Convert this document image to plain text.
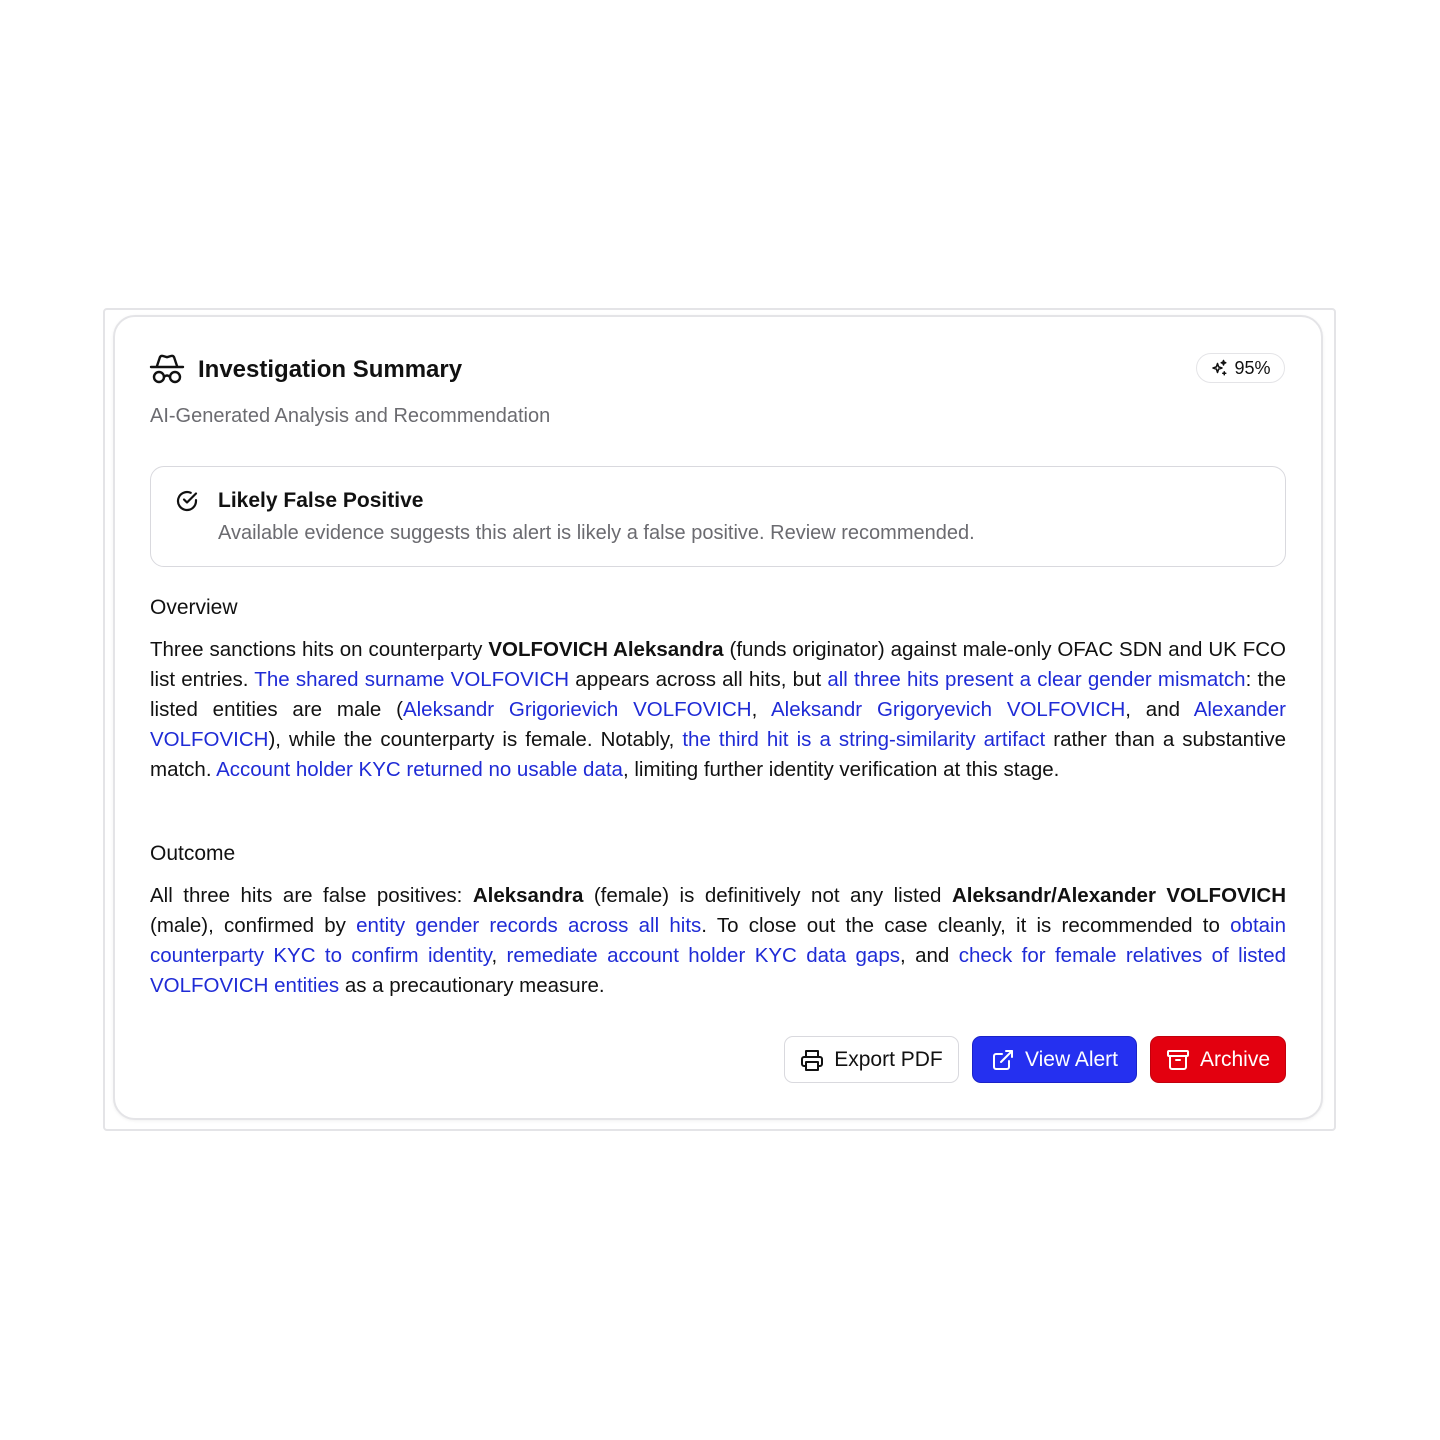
Investigation Summary
AI-Generated Analysis and Recommendation
95%
Likely False Positive
Available evidence suggests this alert is likely a false positive. Review recommended.
Overview

Three sanctions hits on counterparty VOLFOVICH Aleksandra (funds originator) against male-only OFAC SDN and UK FCO list entries. The shared surname VOLFOVICH appears across all hits, but all three hits present a clear gender mismatch: the listed entities are male (Aleksandr Grigorievich VOLFOVICH, Aleksandr Grigoryevich VOLFOVICH, and Alexander VOLFOVICH), while the counterparty is female. Notably, the third hit is a string-similarity artifact rather than a substantive match. Account holder KYC returned no usable data, limiting further identity verification at this stage.

Outcome

All three hits are false positives: Aleksandra (female) is definitively not any listed Aleksandr/Alexander VOLFOVICH (male), confirmed by entity gender records across all hits. To close out the case cleanly, it is recommended to obtain counterparty KYC to confirm identity, remediate account holder KYC data gaps, and check for female relatives of listed VOLFOVICH entities as a precautionary measure.

Export PDF	View Alert	Archive
